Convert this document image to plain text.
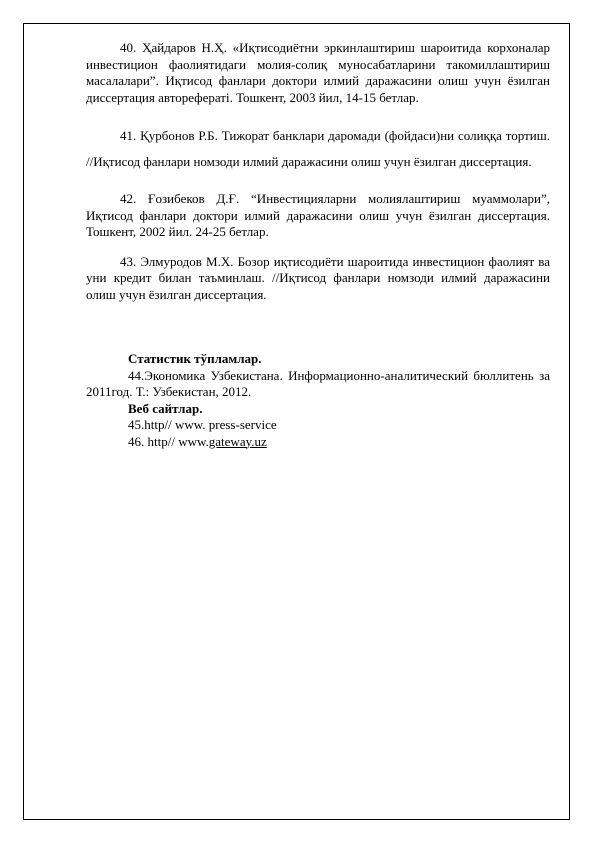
40. Ҳайдаров Н.Ҳ. «Иқтисодиётни эркинлаштириш шароитида корхоналар инвестицион фаолиятидаги молия-солиқ муносабатларини такомиллаштириш масалалари”. Иқтисод фанлари доктори илмий даражасини олиш учун ёзилган диссертация авторефераті. Тошкент, 2003 йил, 14-15 бетлар.

41. Қурбонов Р.Б. Тижорат банклари даромади (фойдаси)ни солиққа тортиш. //Иқтисод фанлари номзоди илмий даражасини олиш учун ёзилган диссертация.

42. Ғозибеков Д.Ғ. “Инвестицияларни молиялаштириш муаммолари”, Иқтисод фанлари доктори илмий даражасини олиш учун ёзилган диссертация. Тошкент, 2002 йил. 24-25 бетлар.

43. Элмуродов М.Х. Бозор иқтисодиёти шароитида инвестицион фаолият ва уни кредит билан таъминлаш. //Иқтисод фанлари номзоди илмий даражасини олиш учун ёзилган диссертация.

Статистик тўпламлар.

44.Экономика Узбекистана. Информационно-аналитический бюллитень за 2011год. Т.: Узбекистан, 2012.

Веб сайтлар.

45.http// www. press-service

46. http// www.gateway.uz
